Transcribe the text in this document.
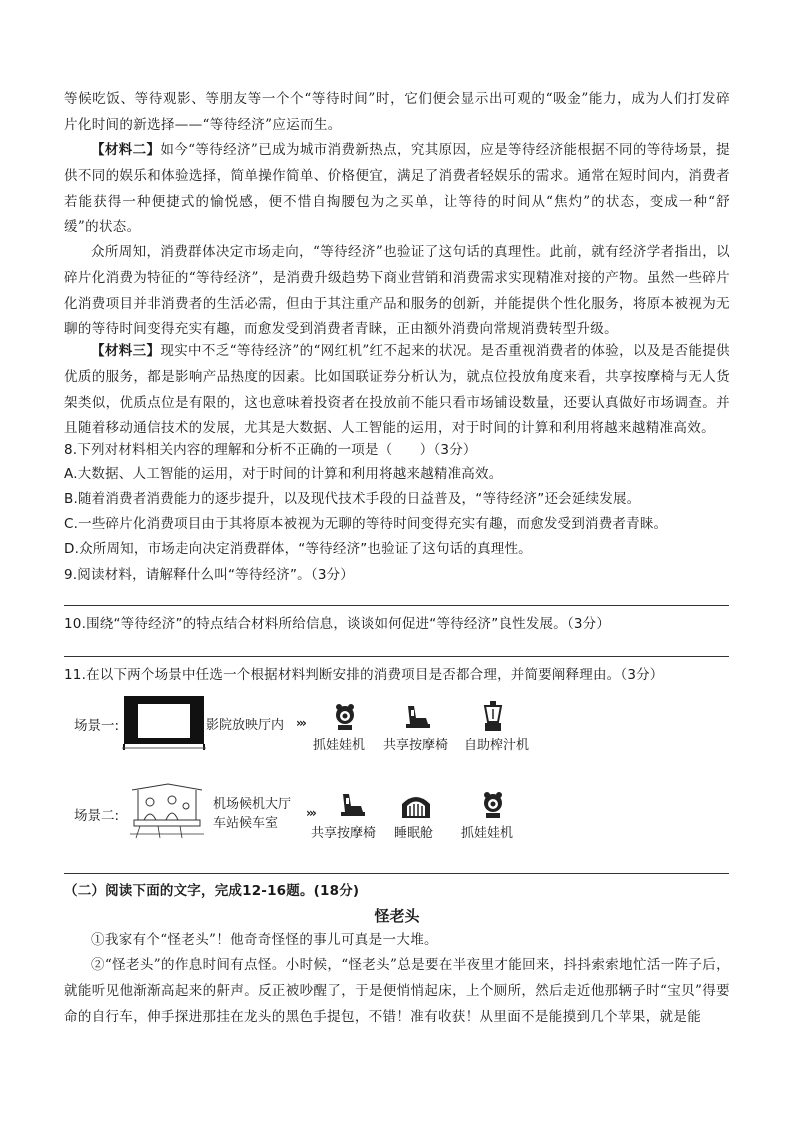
等候吃饭、等待观影、等朋友等一个个“等待时间”时，它们便会显示出可观的“吸金”能力，成为人们打发碎片化时间的新选择——“等待经济”应运而生。

【材料二】如今“等待经济”已成为城市消费新热点，究其原因，应是等待经济能根据不同的等待场景，提供不同的娱乐和体验选择，简单操作简单、价格便宜，满足了消费者轻娱乐的需求。通常在短时间内，消费者若能获得一种便捷式的愉悦感，便不惜自掏腰包为之买单，让等待的时间从“焦灼”的状态，变成一种“舒缓”的状态。

众所周知，消费群体决定市场走向，“等待经济”也验证了这句话的真理性。此前，就有经济学者指出，以碎片化消费为特征的“等待经济”，是消费升级趋势下商业营销和消费需求实现精准对接的产物。虽然一些碎片化消费项目并非消费者的生活必需，但由于其注重产品和服务的创新，并能提供个性化服务，将原本被视为无聊的等待时间变得充实有趣，而愈发受到消费者青睐，正由额外消费向常规消费转型升级。

【材料三】现实中不乏“等待经济”的“网红机”红不起来的状况。是否重视消费者的体验，以及是否能提供优质的服务，都是影响产品热度的因素。比如国联证券分析认为，就点位投放角度来看，共享按摩椅与无人货架类似，优质点位是有限的，这也意味着投资者在投放前不能只看市场铺设数量，还要认真做好市场调查。并且随着移动通信技术的发展，尤其是大数据、人工智能的运用，对于时间的计算和利用将越来越精准高效。

8.下列对材料相关内容的理解和分析不正确的一项是（　　）（3分）

A.大数据、人工智能的运用，对于时间的计算和利用将越来越精准高效。

B.随着消费者消费能力的逐步提升，以及现代技术手段的日益普及，“等待经济”还会延续发展。

C.一些碎片化消费项目由于其将原本被视为无聊的等待时间变得充实有趣，而愈发受到消费者青睐。

D.众所周知，市场走向决定消费群体，“等待经济”也验证了这句话的真理性。

9.阅读材料，请解释什么叫“等待经济”。（3分）

10.围绕“等待经济”的特点结合材料所给信息，谈谈如何促进“等待经济”良性发展。（3分）

11.在以下两个场景中任选一个根据材料判断安排的消费项目是否都合理，并简要阐释理由。（3分）

场景一:	影院放映厅内 ›››
抓娃娃机 共享按摩椅 自助榨汁机
场景二:
机场候机大厅
车站候车室
›››
共享按摩椅 睡眠舱 抓娃娃机

（二）阅读下面的文字，完成12-16题。(18分)

怪老头

①我家有个“怪老头”！他奇奇怪怪的事儿可真是一大堆。

②“怪老头”的作息时间有点怪。小时候，“怪老头”总是要在半夜里才能回来，抖抖索索地忙活一阵子后，就能听见他渐渐高起来的鼾声。反正被吵醒了，于是便悄悄起床，上个厕所，然后走近他那辆子时“宝贝”得要命的自行车，伸手探进那挂在龙头的黑色手提包，不错！准有收获！从里面不是能摸到几个苹果，就是能
